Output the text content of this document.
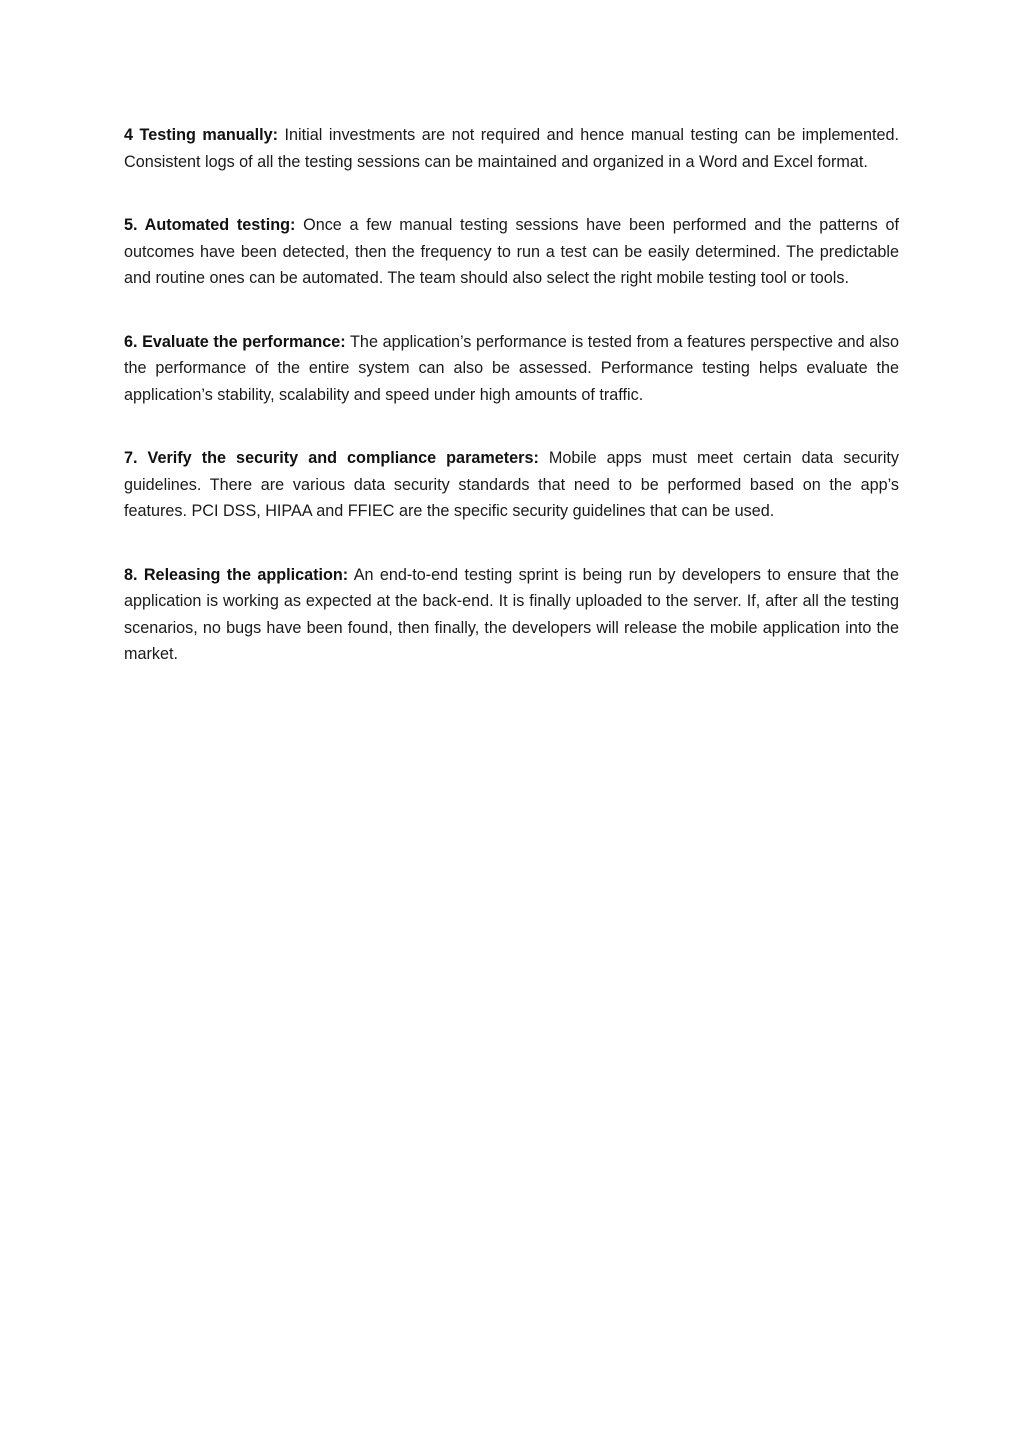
4 Testing manually: Initial investments are not required and hence manual testing can be implemented. Consistent logs of all the testing sessions can be maintained and organized in a Word and Excel format.

5. Automated testing: Once a few manual testing sessions have been performed and the patterns of outcomes have been detected, then the frequency to run a test can be easily determined. The predictable and routine ones can be automated. The team should also select the right mobile testing tool or tools.

6. Evaluate the performance: The application’s performance is tested from a features perspective and also the performance of the entire system can also be assessed. Performance testing helps evaluate the application’s stability, scalability and speed under high amounts of traffic.

7. Verify the security and compliance parameters: Mobile apps must meet certain data security guidelines. There are various data security standards that need to be performed based on the app’s features. PCI DSS, HIPAA and FFIEC are the specific security guidelines that can be used.

8. Releasing the application: An end-to-end testing sprint is being run by developers to ensure that the application is working as expected at the back-end. It is finally uploaded to the server. If, after all the testing scenarios, no bugs have been found, then finally, the developers will release the mobile application into the market.
